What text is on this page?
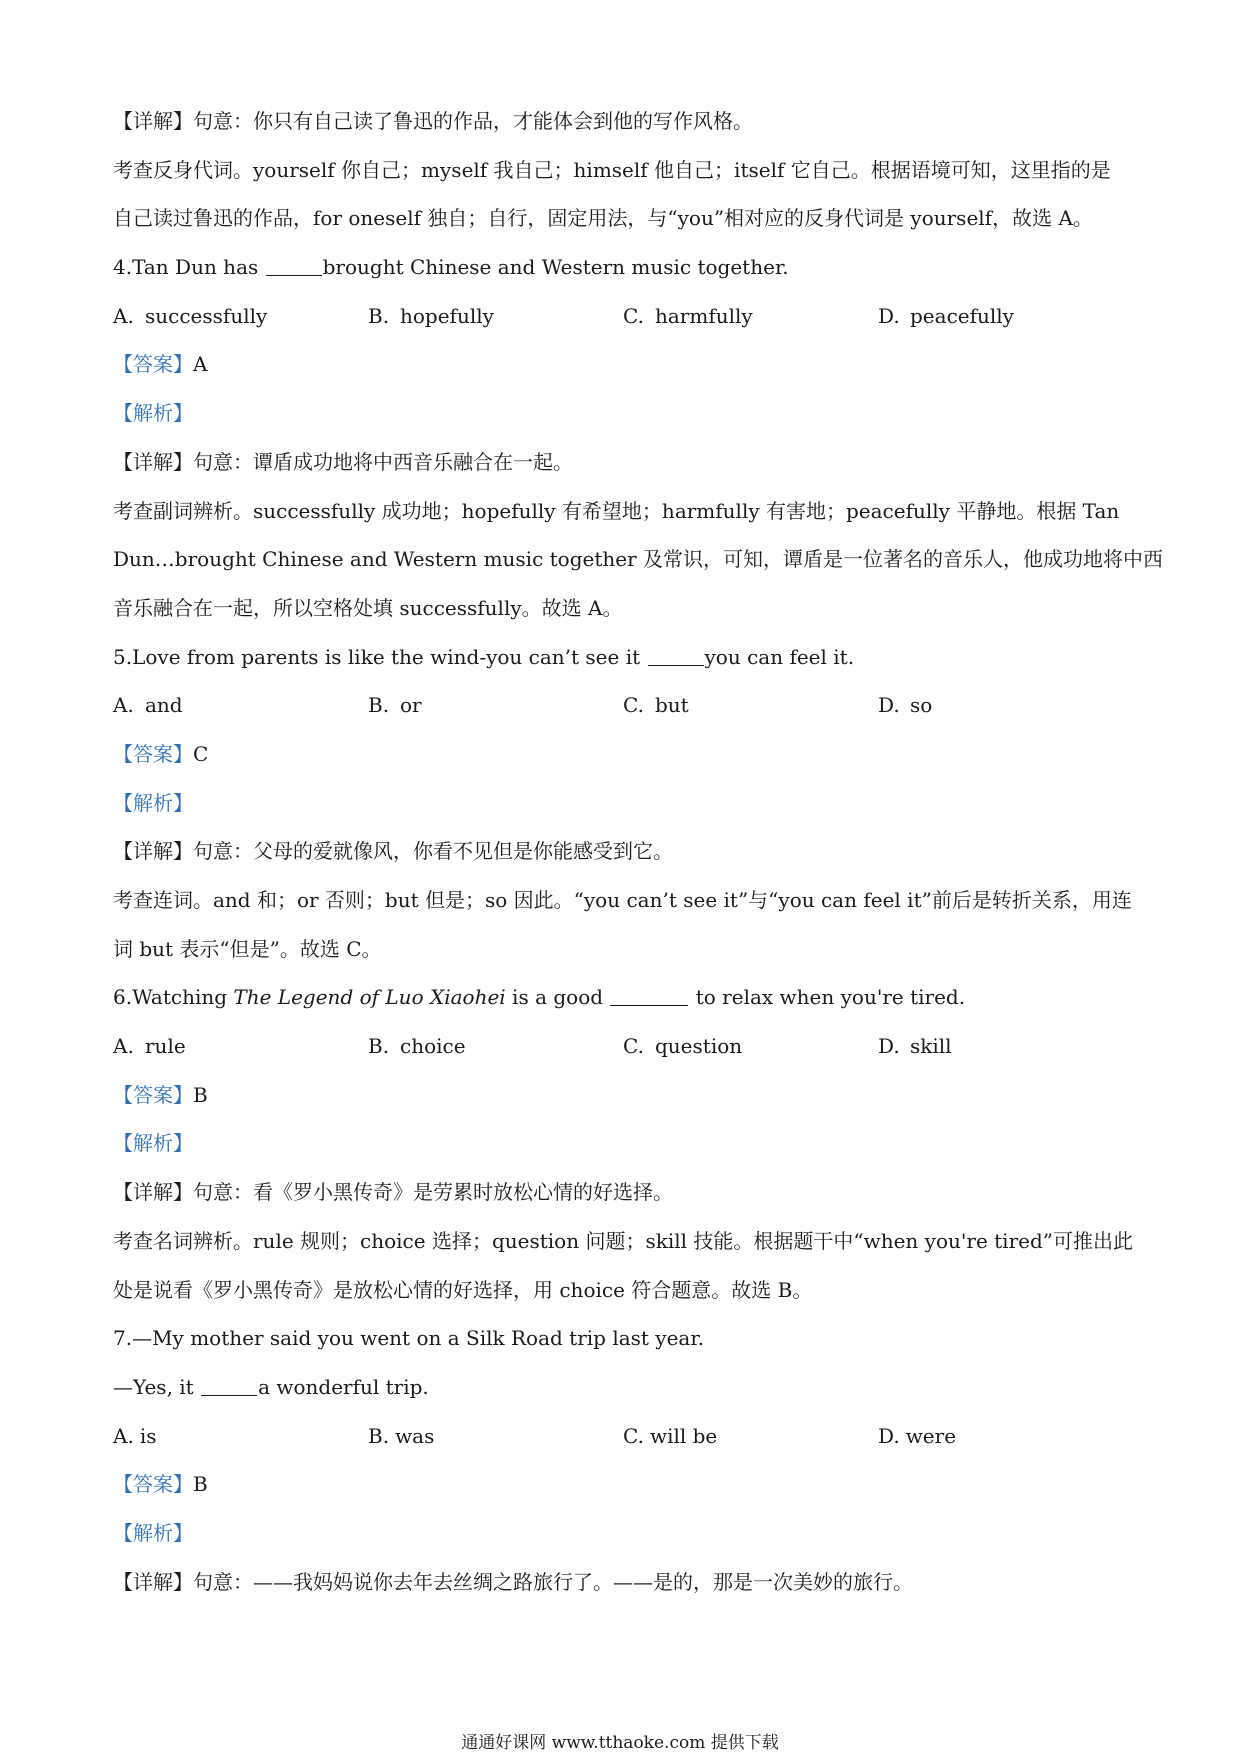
【详解】句意：你只有自己读了鲁迅的作品，才能体会到他的写作风格。
考查反身代词。yourself 你自己；myself 我自己；himself 他自己；itself 它自己。根据语境可知，这里指的是
自己读过鲁迅的作品，for oneself 独自；自行，固定用法，与“you”相对应的反身代词是 yourself，故选 A。
4.Tan Dun has	brought Chinese and Western music together.
A. successfully	B. hopefully	C. harmfully	D. peacefully
【答案】A
【解析】
【详解】句意：谭盾成功地将中西音乐融合在一起。
考查副词辨析。successfully 成功地；hopefully 有希望地；harmfully 有害地；peacefully 平静地。根据 Tan
Dun…brought Chinese and Western music together 及常识，可知，谭盾是一位著名的音乐人，他成功地将中西
音乐融合在一起，所以空格处填 successfully。故选 A。
5.Love from parents is like the wind-you can’t see it	you can feel it.
A. and	B. or	C. but	D. so
【答案】C
【解析】
【详解】句意：父母的爱就像风，你看不见但是你能感受到它。
考查连词。and 和；or 否则；but 但是；so 因此。“you can’t see it”与“you can feel it”前后是转折关系，用连
词 but 表示“但是”。故选 C。
6.Watching The Legend of Luo Xiaohei is a good	to relax when you're tired.
A. rule	B. choice	C. question	D. skill
【答案】B
【解析】
【详解】句意：看《罗小黑传奇》是劳累时放松心情的好选择。
考查名词辨析。rule 规则；choice 选择；question 问题；skill 技能。根据题干中“when you're tired”可推出此
处是说看《罗小黑传奇》是放松心情的好选择，用 choice 符合题意。故选 B。
7.—My mother said you went on a Silk Road trip last year.
—Yes, it	a wonderful trip.
A. is	B. was	C. will be	D. were
【答案】B
【解析】
【详解】句意：——我妈妈说你去年去丝绸之路旅行了。——是的，那是一次美妙的旅行。
通通好课网 www.tthaoke.com 提供下载
